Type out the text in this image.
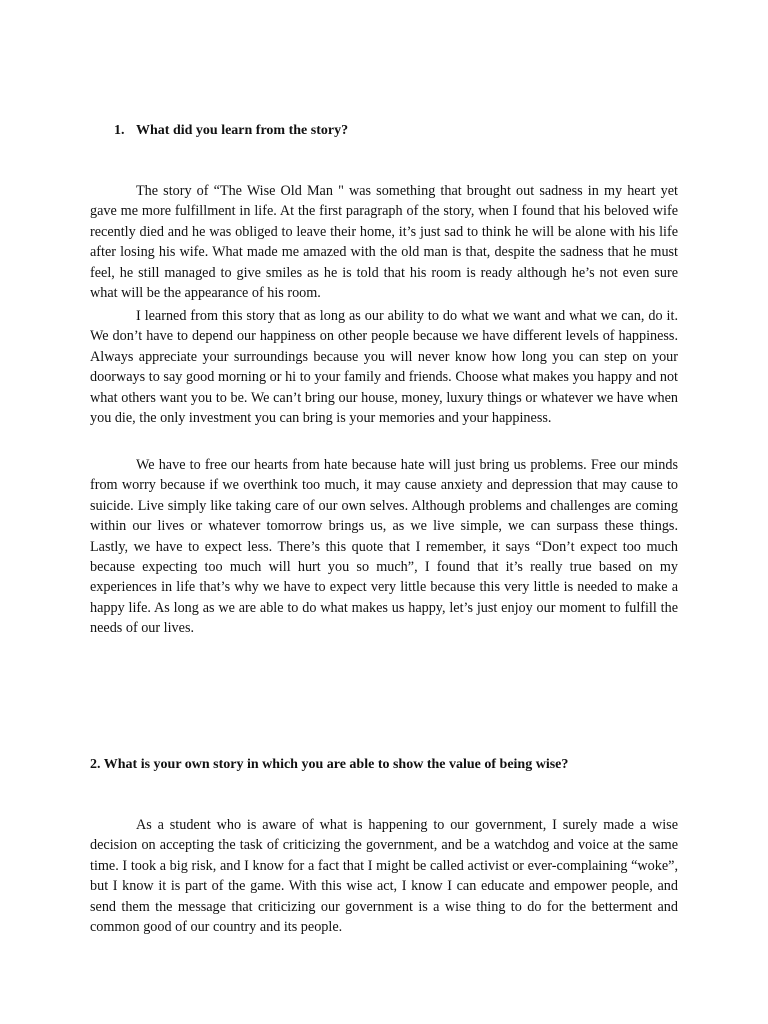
1. What did you learn from the story?

The story of “The Wise Old Man " was something that brought out sadness in my heart yet gave me more fulfillment in life. At the first paragraph of the story, when I found that his beloved wife recently died and he was obliged to leave their home, it’s just sad to think he will be alone with his life after losing his wife. What made me amazed with the old man is that, despite the sadness that he must feel, he still managed to give smiles as he is told that his room is ready although he’s not even sure what will be the appearance of his room.

I learned from this story that as long as our ability to do what we want and what we can, do it. We don’t have to depend our happiness on other people because we have different levels of happiness. Always appreciate your surroundings because you will never know how long you can step on your doorways to say good morning or hi to your family and friends. Choose what makes you happy and not what others want you to be. We can’t bring our house, money, luxury things or whatever we have when you die, the only investment you can bring is your memories and your happiness.

We have to free our hearts from hate because hate will just bring us problems. Free our minds from worry because if we overthink too much, it may cause anxiety and depression that may cause to suicide. Live simply like taking care of our own selves. Although problems and challenges are coming within our lives or whatever tomorrow brings us, as we live simple, we can surpass these things. Lastly, we have to expect less. There’s this quote that I remember, it says “Don’t expect too much because expecting too much will hurt you so much”, I found that it’s really true based on my experiences in life that’s why we have to expect very little because this very little is needed to make a happy life. As long as we are able to do what makes us happy, let’s just enjoy our moment to fulfill the needs of our lives.

2. What is your own story in which you are able to show the value of being wise?

As a student who is aware of what is happening to our government, I surely made a wise decision on accepting the task of criticizing the government, and be a watchdog and voice at the same time. I took a big risk, and I know for a fact that I might be called activist or ever-complaining “woke”, but I know it is part of the game. With this wise act, I know I can educate and empower people, and send them the message that criticizing our government is a wise thing to do for the betterment and common good of our country and its people.
